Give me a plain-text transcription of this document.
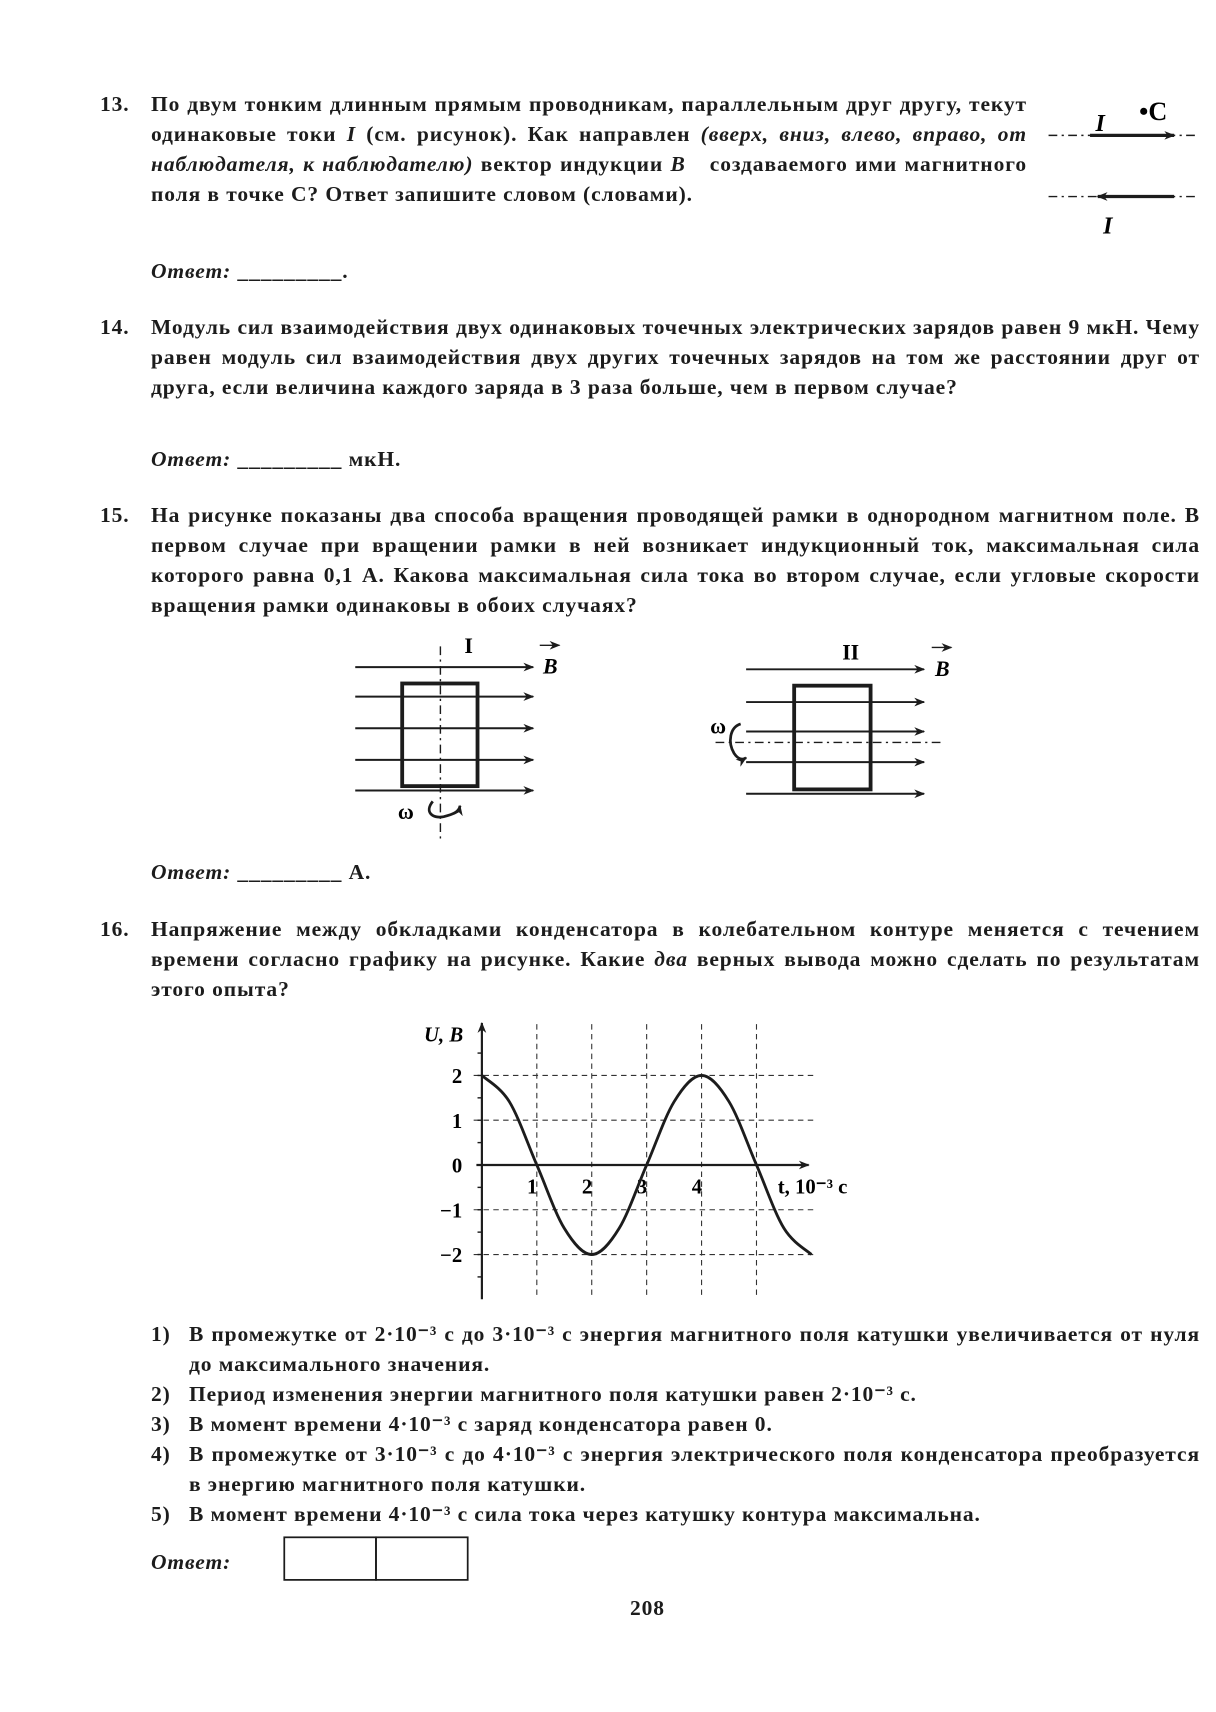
13. По двум тонким длинным прямым проводникам, параллельным друг другу, текут одинаковые токи I (см. рисунок). Как направлен (вверх, вниз, влево, вправо, от наблюдателя, к наблюдателю) вектор индукции B⃗ создаваемого ими магнитного поля в точке С? Ответ запишите словом (словами).
Ответ: _________.
14. Модуль сил взаимодействия двух одинаковых точечных электрических зарядов равен 9 мкН. Чему равен модуль сил взаимодействия двух других точечных зарядов на том же расстоянии друг от друга, если величина каждого заряда в 3 раза больше, чем в первом случае?
Ответ: _________ мкН.
15. На рисунке показаны два способа вращения проводящей рамки в однородном магнитном поле. В первом случае при вращении рамки в ней возникает индукционный ток, максимальная сила которого равна 0,1 А. Какова максимальная сила тока во втором случае, если угловые скорости вращения рамки одинаковы в обоих случаях?
Ответ: _________ А.
16. Напряжение между обкладками конденсатора в колебательном контуре меняется с течением времени согласно графику на рисунке. Какие два верных вывода можно сделать по результатам этого опыта?
1) В промежутке от 2·10⁻³ с до 3·10⁻³ с энергия магнитного поля катушки увеличивается от нуля до максимального значения.
2) Период изменения энергии магнитного поля катушки равен 2·10⁻³ с.
3) В момент времени 4·10⁻³ с заряд конденсатора равен 0.
4) В промежутке от 3·10⁻³ с до 4·10⁻³ с энергия электрического поля конденсатора преобразуется в энергию магнитного поля катушки.
5) В момент времени 4·10⁻³ с сила тока через катушку контура максимальна.
Ответ:
208
I •C
I
I
B
ω
II
B
ω
U, В
t, 10⁻³ с
1 2 3 4
2
1
0
−1
−2
